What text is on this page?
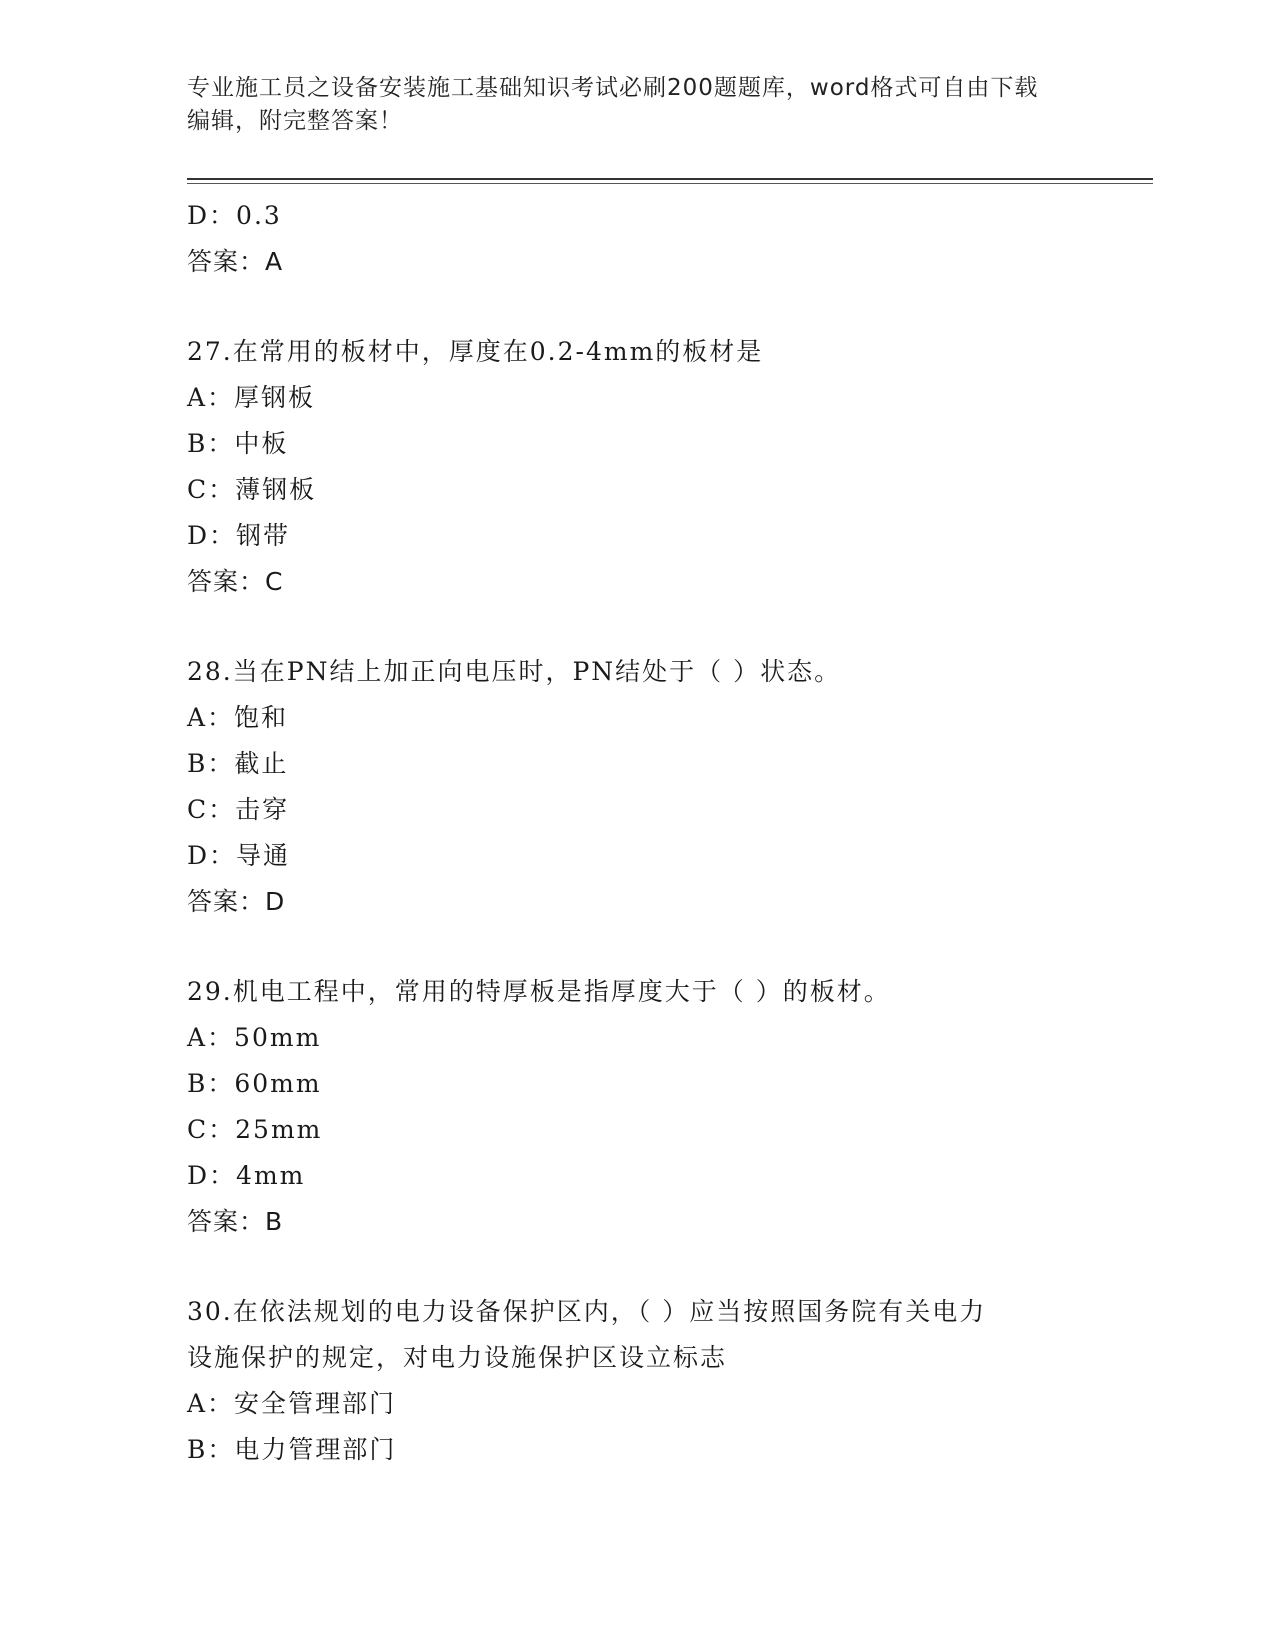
专业施工员之设备安装施工基础知识考试必刷200题题库，word格式可自由下载
编辑，附完整答案！
D：0.3
答案：A
27.在常用的板材中，厚度在0.2-4mm的板材是
A：厚钢板
B：中板
C：薄钢板
D：钢带
答案：C
28.当在PN结上加正向电压时，PN结处于（ ）状态。
A：饱和
B：截止
C：击穿
D：导通
答案：D
29.机电工程中，常用的特厚板是指厚度大于（ ）的板材。
A：50mm
B：60mm
C：25mm
D：4mm
答案：B
30.在依法规划的电力设备保护区内，（ ）应当按照国务院有关电力
设施保护的规定，对电力设施保护区设立标志
A：安全管理部门
B：电力管理部门
